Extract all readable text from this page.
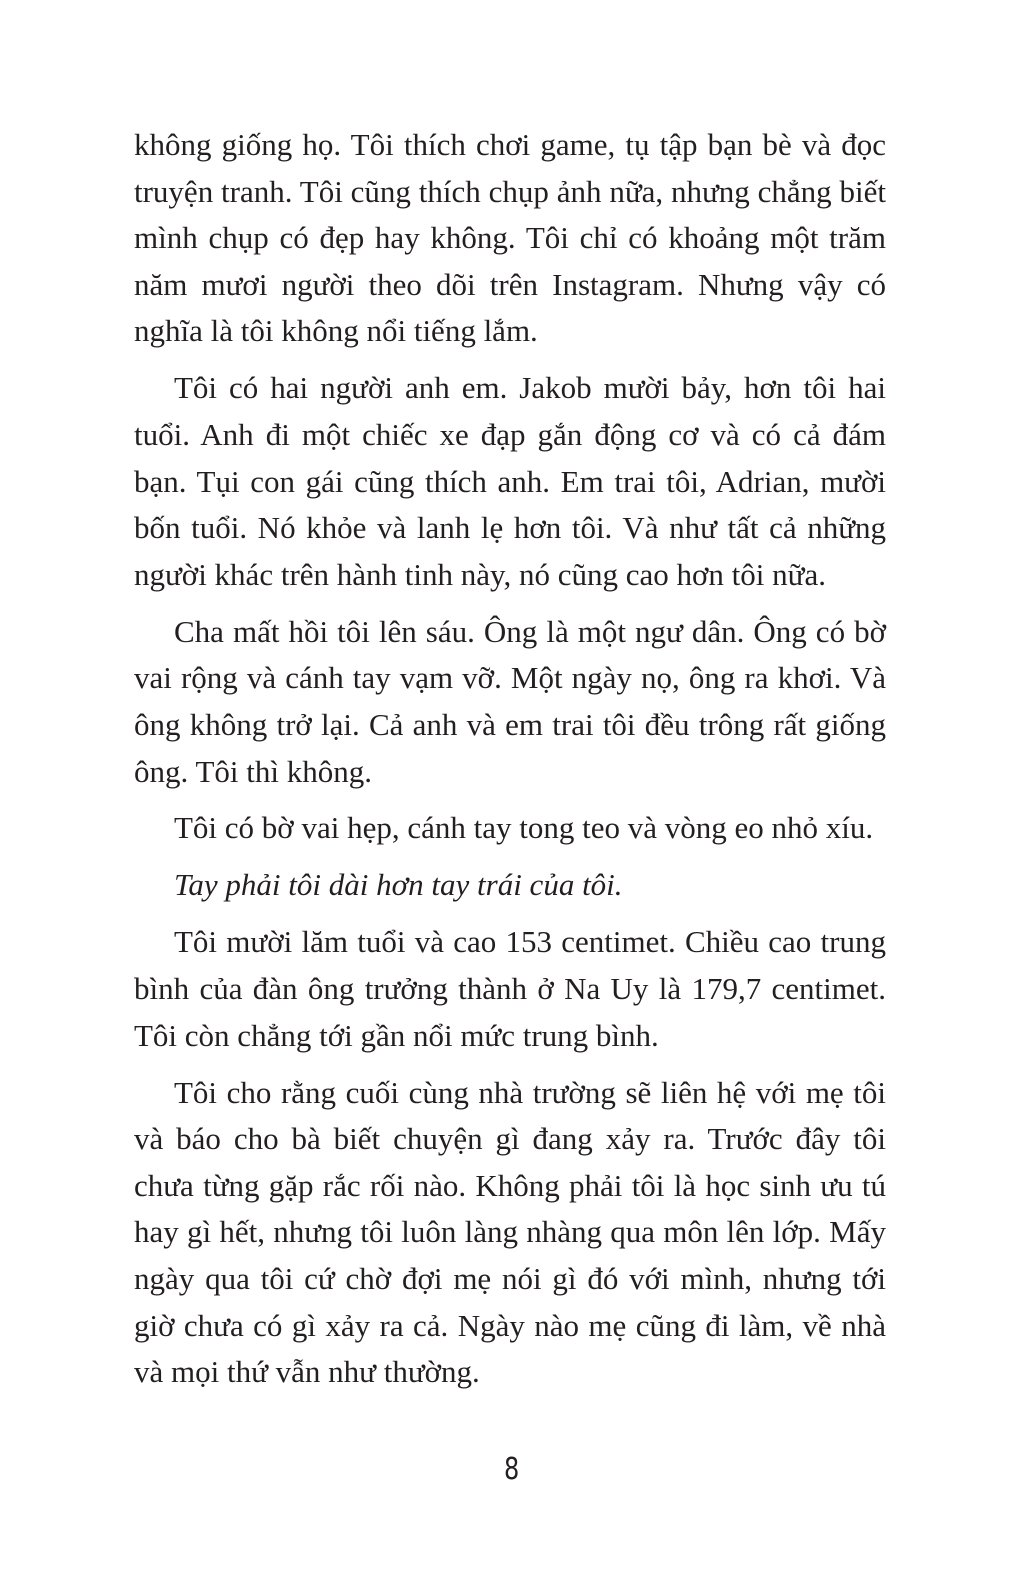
không giống họ. Tôi thích chơi game, tụ tập bạn bè và đọc truyện tranh. Tôi cũng thích chụp ảnh nữa, nhưng chẳng biết mình chụp có đẹp hay không. Tôi chỉ có khoảng một trăm năm mươi người theo dõi trên Instagram. Nhưng vậy có nghĩa là tôi không nổi tiếng lắm.

Tôi có hai người anh em. Jakob mười bảy, hơn tôi hai tuổi. Anh đi một chiếc xe đạp gắn động cơ và có cả đám bạn. Tụi con gái cũng thích anh. Em trai tôi, Adrian, mười bốn tuổi. Nó khỏe và lanh lẹ hơn tôi. Và như tất cả những người khác trên hành tinh này, nó cũng cao hơn tôi nữa.

Cha mất hồi tôi lên sáu. Ông là một ngư dân. Ông có bờ vai rộng và cánh tay vạm vỡ. Một ngày nọ, ông ra khơi. Và ông không trở lại. Cả anh và em trai tôi đều trông rất giống ông. Tôi thì không.

Tôi có bờ vai hẹp, cánh tay tong teo và vòng eo nhỏ xíu.

Tay phải tôi dài hơn tay trái của tôi.

Tôi mười lăm tuổi và cao 153 centimet. Chiều cao trung bình của đàn ông trưởng thành ở Na Uy là 179,7 centimet. Tôi còn chẳng tới gần nổi mức trung bình.

Tôi cho rằng cuối cùng nhà trường sẽ liên hệ với mẹ tôi và báo cho bà biết chuyện gì đang xảy ra. Trước đây tôi chưa từng gặp rắc rối nào. Không phải tôi là học sinh ưu tú hay gì hết, nhưng tôi luôn làng nhàng qua môn lên lớp. Mấy ngày qua tôi cứ chờ đợi mẹ nói gì đó với mình, nhưng tới giờ chưa có gì xảy ra cả. Ngày nào mẹ cũng đi làm, về nhà và mọi thứ vẫn như thường.

8
